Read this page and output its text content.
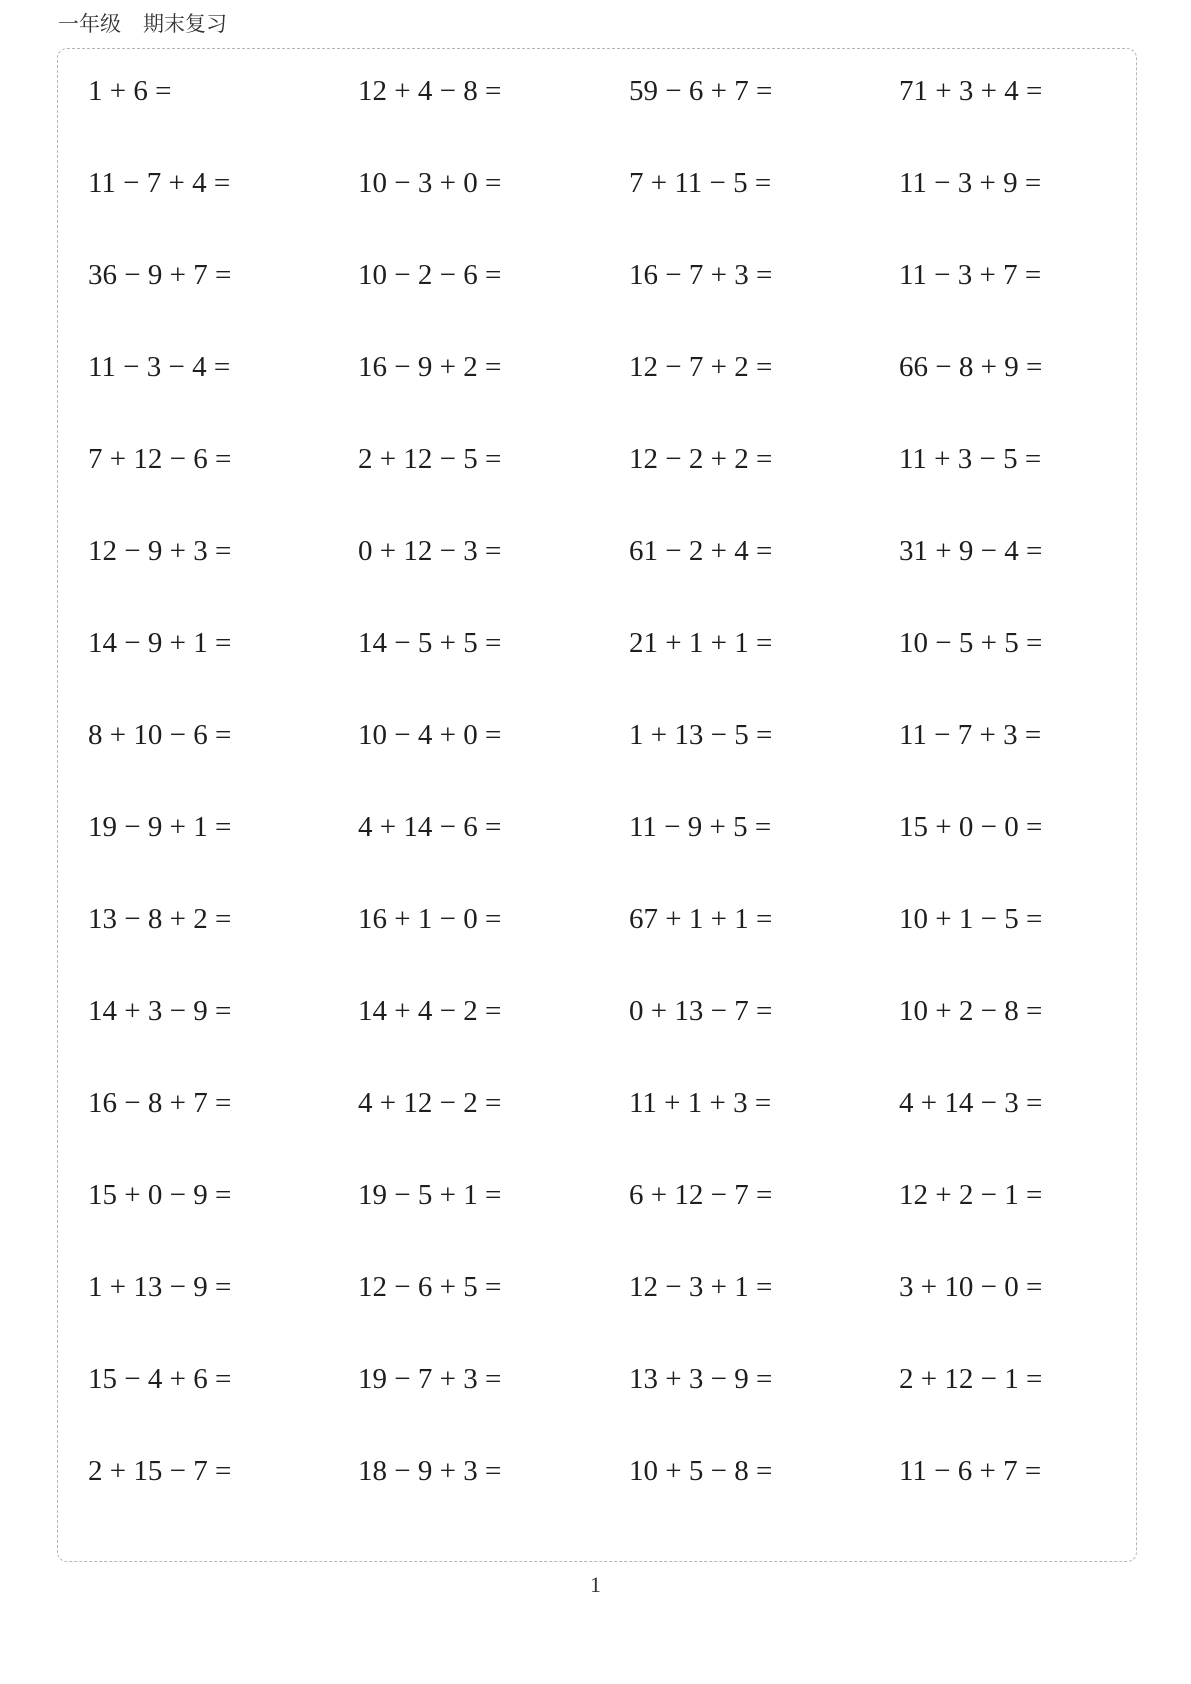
一年级 期末复习
1 + 6 =	12 + 4 − 8 =	59 − 6 + 7 =	71 + 3 + 4 =
11 − 7 + 4 =	10 − 3 + 0 =	7 + 11 − 5 =	11 − 3 + 9 =
36 − 9 + 7 =	10 − 2 − 6 =	16 − 7 + 3 =	11 − 3 + 7 =
11 − 3 − 4 =	16 − 9 + 2 =	12 − 7 + 2 =	66 − 8 + 9 =
7 + 12 − 6 =	2 + 12 − 5 =	12 − 2 + 2 =	11 + 3 − 5 =
12 − 9 + 3 =	0 + 12 − 3 =	61 − 2 + 4 =	31 + 9 − 4 =
14 − 9 + 1 =	14 − 5 + 5 =	21 + 1 + 1 =	10 − 5 + 5 =
8 + 10 − 6 =	10 − 4 + 0 =	1 + 13 − 5 =	11 − 7 + 3 =
19 − 9 + 1 =	4 + 14 − 6 =	11 − 9 + 5 =	15 + 0 − 0 =
13 − 8 + 2 =	16 + 1 − 0 =	67 + 1 + 1 =	10 + 1 − 5 =
14 + 3 − 9 =	14 + 4 − 2 =	0 + 13 − 7 =	10 + 2 − 8 =
16 − 8 + 7 =	4 + 12 − 2 =	11 + 1 + 3 =	4 + 14 − 3 =
15 + 0 − 9 =	19 − 5 + 1 =	6 + 12 − 7 =	12 + 2 − 1 =
1 + 13 − 9 =	12 − 6 + 5 =	12 − 3 + 1 =	3 + 10 − 0 =
15 − 4 + 6 =	19 − 7 + 3 =	13 + 3 − 9 =	2 + 12 − 1 =
2 + 15 − 7 =	18 − 9 + 3 =	10 + 5 − 8 =	11 − 6 + 7 =
1
